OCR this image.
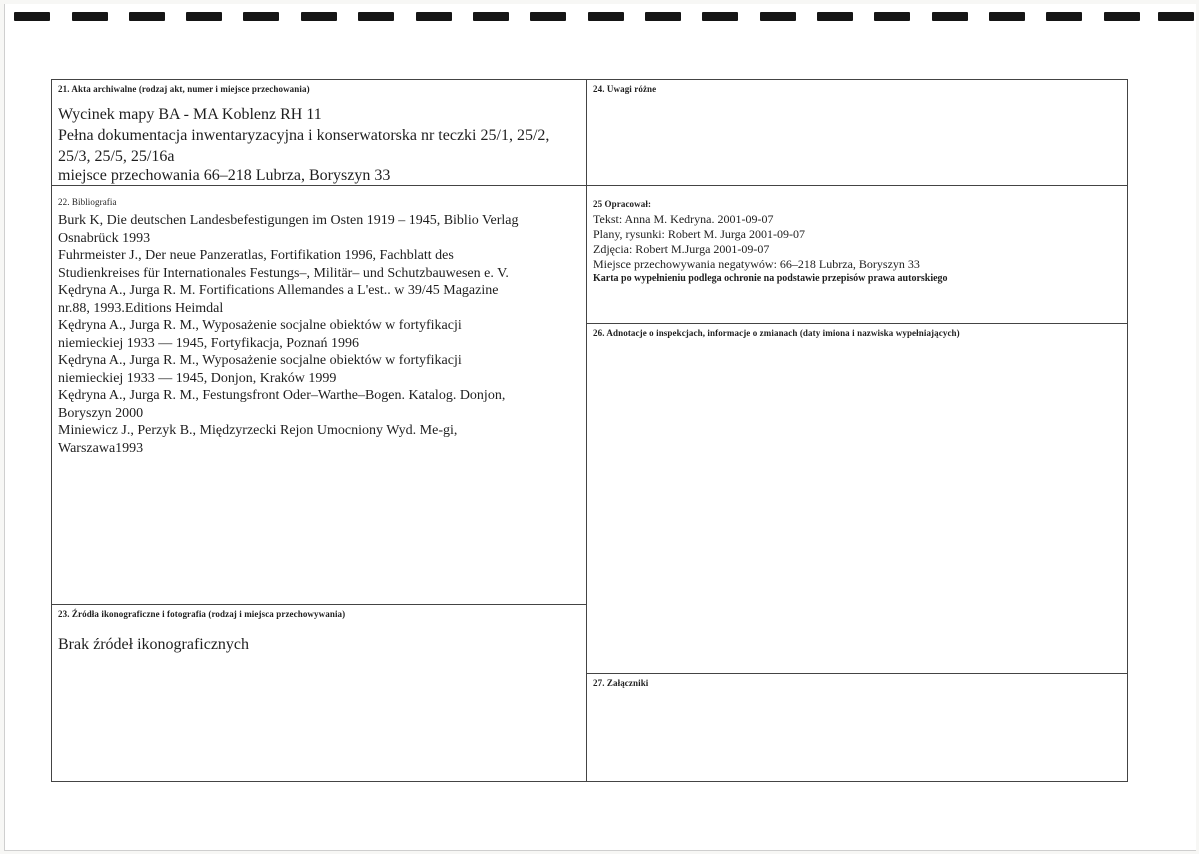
21. Akta archiwalne (rodzaj akt, numer i miejsce przechowania)
Wycinek mapy BA - MA Koblenz RH 11
Pełna dokumentacja inwentaryzacyjna i konserwatorska nr teczki 25/1, 25/2,
25/3, 25/5, 25/16a
miejsce przechowania 66–218 Lubrza, Boryszyn 33
22. Bibliografia
Burk K, Die deutschen Landesbefestigungen im Osten 1919 – 1945, Biblio Verlag
Osnabrück 1993
Fuhrmeister J., Der neue Panzeratlas, Fortifikation 1996, Fachblatt des
Studienkreises für Internationales Festungs–, Militär– und Schutzbauwesen e. V.
Kędryna A., Jurga R. M. Fortifications Allemandes a L'est.. w 39/45 Magazine
nr.88, 1993.Editions Heimdal
Kędryna A., Jurga R. M., Wyposażenie socjalne obiektów w fortyfikacji
niemieckiej 1933 — 1945, Fortyfikacja, Poznań 1996
Kędryna A., Jurga R. M., Wyposażenie socjalne obiektów w fortyfikacji
niemieckiej 1933 — 1945, Donjon, Kraków 1999
Kędryna A., Jurga R. M., Festungsfront Oder–Warthe–Bogen. Katalog. Donjon,
Boryszyn 2000
Miniewicz J., Perzyk B., Międzyrzecki Rejon Umocniony Wyd. Me-gi,
Warszawa1993
23. Źródła ikonograficzne i fotografia (rodzaj i miejsca przechowywania)
Brak źródeł ikonograficznych
24. Uwagi różne
25 Opracował:
Tekst: Anna M. Kedryna. 2001-09-07
Plany, rysunki: Robert M. Jurga 2001-09-07
Zdjęcia: Robert M.Jurga 2001-09-07
Miejsce przechowywania negatywów: 66–218 Lubrza, Boryszyn 33
Karta po wypełnieniu podlega ochronie na podstawie przepisów prawa autorskiego
26. Adnotacje o inspekcjach, informacje o zmianach (daty imiona i nazwiska wypełniających)
27. Załączniki
